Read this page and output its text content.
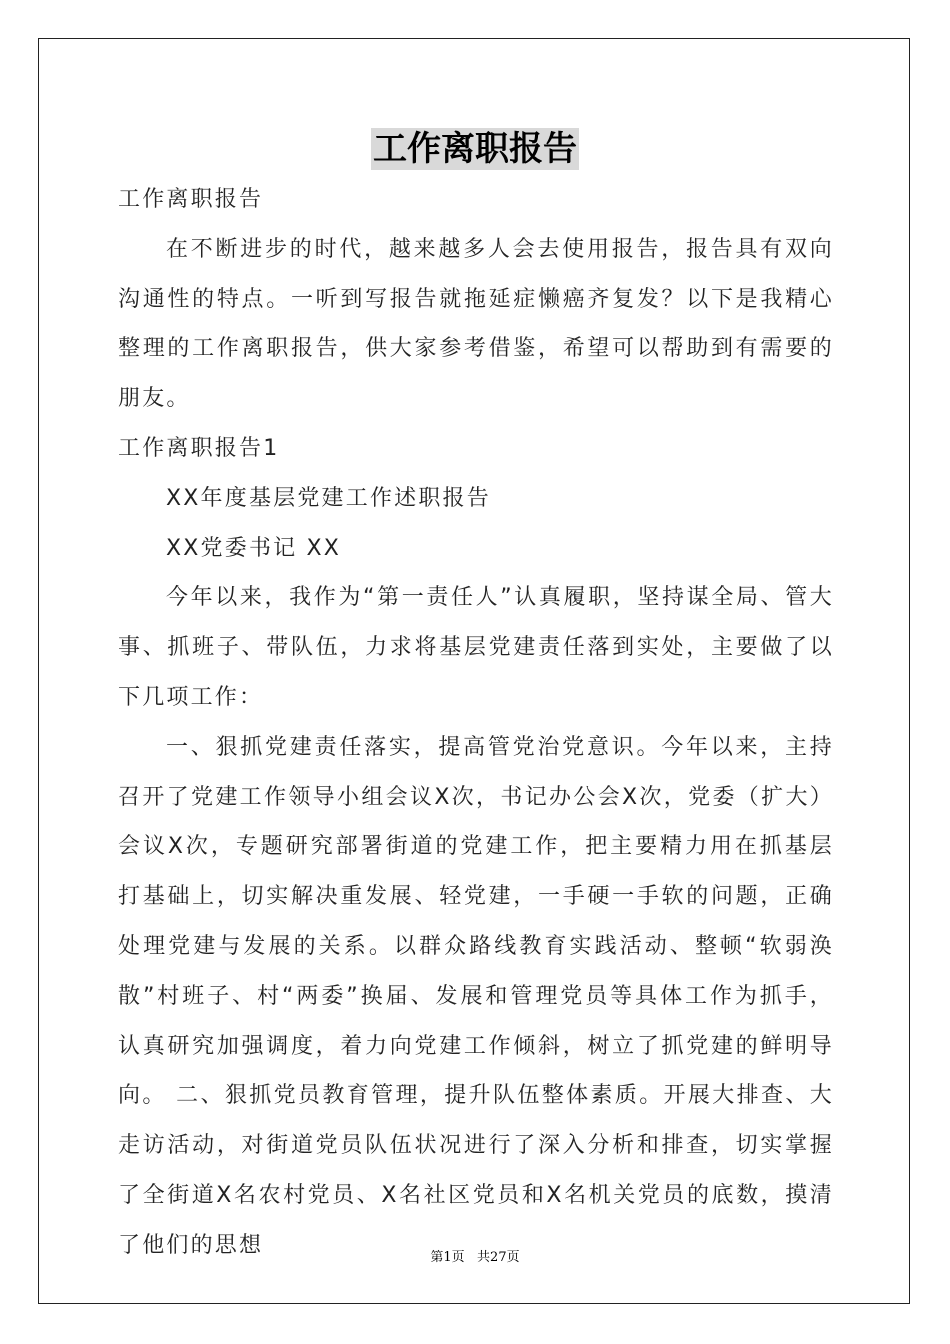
工作离职报告

工作离职报告

在不断进步的时代，越来越多人会去使用报告，报告具有双向沟通性的特点。一听到写报告就拖延症懒癌齐复发？以下是我精心整理的工作离职报告，供大家参考借鉴，希望可以帮助到有需要的朋友。

工作离职报告1

XX年度基层党建工作述职报告

XX党委书记 XX

今年以来，我作为“第一责任人”认真履职，坚持谋全局、管大事、抓班子、带队伍，力求将基层党建责任落到实处，主要做了以下几项工作：

一、狠抓党建责任落实，提高管党治党意识。今年以来，主持召开了党建工作领导小组会议X次，书记办公会X次，党委（扩大）会议X次，专题研究部署街道的党建工作，把主要精力用在抓基层打基础上，切实解决重发展、轻党建，一手硬一手软的问题，正确处理党建与发展的关系。以群众路线教育实践活动、整顿“软弱涣散”村班子、村“两委”换届、发展和管理党员等具体工作为抓手，认真研究加强调度，着力向党建工作倾斜，树立了抓党建的鲜明导向。 二、狠抓党员教育管理，提升队伍整体素质。开展大排查、大走访活动，对街道党员队伍状况进行了深入分析和排查，切实掌握了全街道X名农村党员、X名社区党员和X名机关党员的底数，摸清了他们的思想	第1页   共27页
